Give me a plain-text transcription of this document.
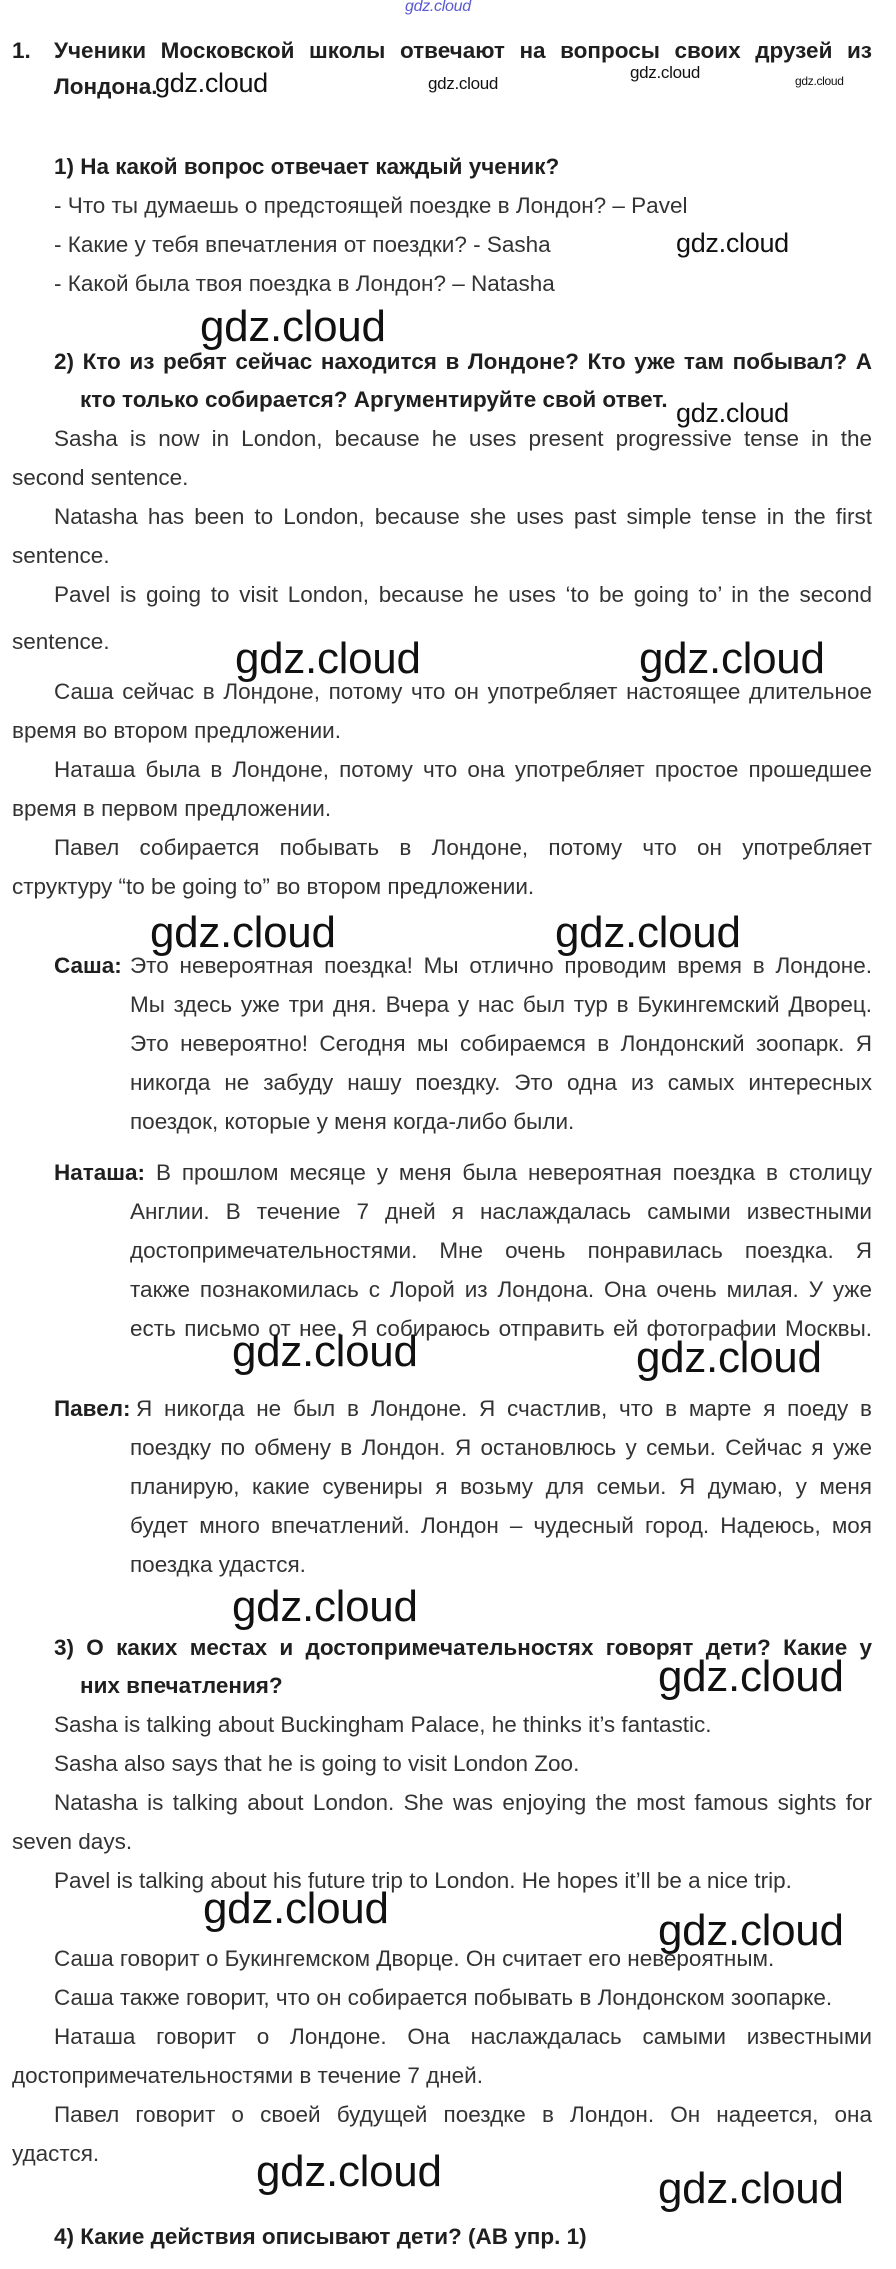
gdz.cloud
1. Ученики Московской школы отвечают на вопросы своих друзей из
Лондона.
1) На какой вопрос отвечает каждый ученик?
- Что ты думаешь о предстоящей поездке в Лондон? – Pavel
- Какие у тебя впечатления от поездки? - Sasha
- Какой была твоя поездка в Лондон? – Natasha
2) Кто из ребят сейчас находится в Лондоне? Кто уже там побывал? А
кто только собирается? Аргументируйте свой ответ.
Sasha is now in London, because he uses present progressive tense in the
second sentence.
Natasha has been to London, because she uses past simple tense in the first
sentence.
Pavel is going to visit London, because he uses ‘to be going to’ in the second
sentence.
Саша сейчас в Лондоне, потому что он употребляет настоящее длительное
время во втором предложении.
Наташа была в Лондоне, потому что она употребляет простое прошедшее
время в первом предложении.
Павел собирается побывать в Лондоне, потому что он употребляет
структуру “to be going to” во втором предложении.
Саша: Это невероятная поездка! Мы отлично проводим время в Лондоне.
Мы здесь уже три дня. Вчера у нас был тур в Букингемский Дворец.
Это невероятно! Сегодня мы собираемся в Лондонский зоопарк. Я
никогда не забуду нашу поездку. Это одна из самых интересных
поездок, которые у меня когда-либо были.
Наташа: В прошлом месяце у меня была невероятная поездка в столицу
Англии. В течение 7 дней я наслаждалась самыми известными
достопримечательностями. Мне очень понравилась поездка. Я
также познакомилась с Лорой из Лондона. Она очень милая. У уже
есть письмо от нее. Я собираюсь отправить ей фотографии Москвы.
Павел: Я никогда не был в Лондоне. Я счастлив, что в марте я поеду в
поездку по обмену в Лондон. Я остановлюсь у семьи. Сейчас я уже
планирую, какие сувениры я возьму для семьи. Я думаю, у меня
будет много впечатлений. Лондон – чудесный город. Надеюсь, моя
поездка удастся.
3) О каких местах и достопримечательностях говорят дети? Какие у
них впечатления?
Sasha is talking about Buckingham Palace, he thinks it’s fantastic.
Sasha also says that he is going to visit London Zoo.
Natasha is talking about London. She was enjoying the most famous sights for
seven days.
Pavel is talking about his future trip to London. He hopes it’ll be a nice trip.
Саша говорит о Букингемском Дворце. Он считает его невероятным.
Саша также говорит, что он собирается побывать в Лондонском зоопарке.
Наташа говорит о Лондоне. Она наслаждалась самыми известными
достопримечательностями в течение 7 дней.
Павел говорит о своей будущей поездке в Лондон. Он надеется, она
удастся.
4) Какие действия описывают дети? (AB упр. 1)
gdz.cloud	gdz.cloud
gdz.cloud	gdz.cloud
gdz.cloud
gdz.cloud
gdz.cloud
gdz.cloud	gdz.cloud
gdz.cloud	gdz.cloud
gdz.cloud	gdz.cloud
gdz.cloud
gdz.cloud
gdz.cloud	gdz.cloud
gdz.cloud	gdz.cloud
